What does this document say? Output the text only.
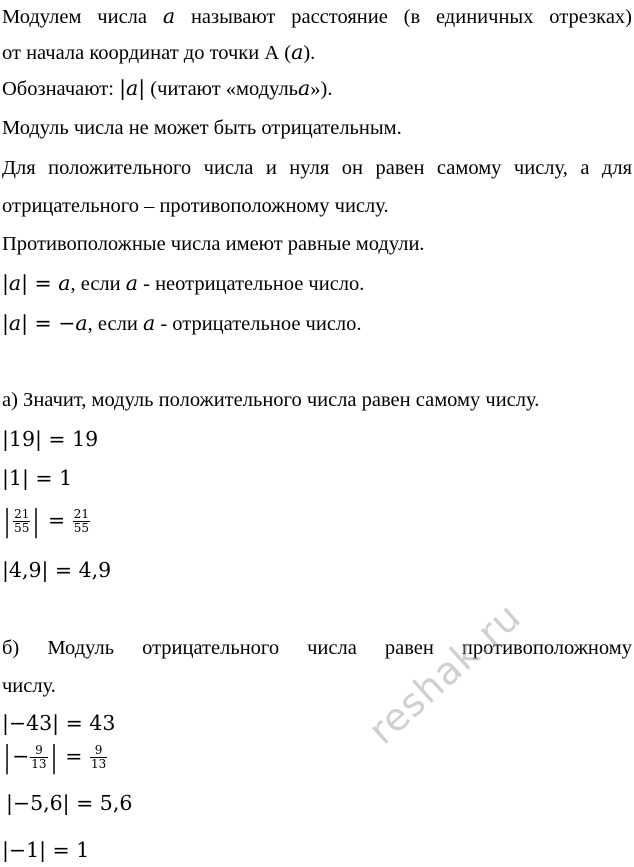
Модулем числа a называют расстояние (в единичных отрезках)
от начала координат до точки А (a).
Обозначают: |a| (читают «модульa»).
Модуль числа не может быть отрицательным.
Для положительного числа и нуля он равен самому числу, а для
отрицательного – противоположному числу.
Противоположные числа имеют равные модули.
|a| = a, если a - неотрицательное число.
|a| = −a, если a - отрицательное число.
а) Значит, модуль положительного числа равен самому числу.
|19| = 19
|1| = 1
| $\frac{21}{55}$ | = $\frac{21}{55}$
|4,9| = 4,9
б) Модуль отрицательного числа равен противоположному
числу.
|−43| = 43
|− $\frac{9}{13}$ | = $\frac{9}{13}$
|−5,6| = 5,6
|−1| = 1
reshak.ru
